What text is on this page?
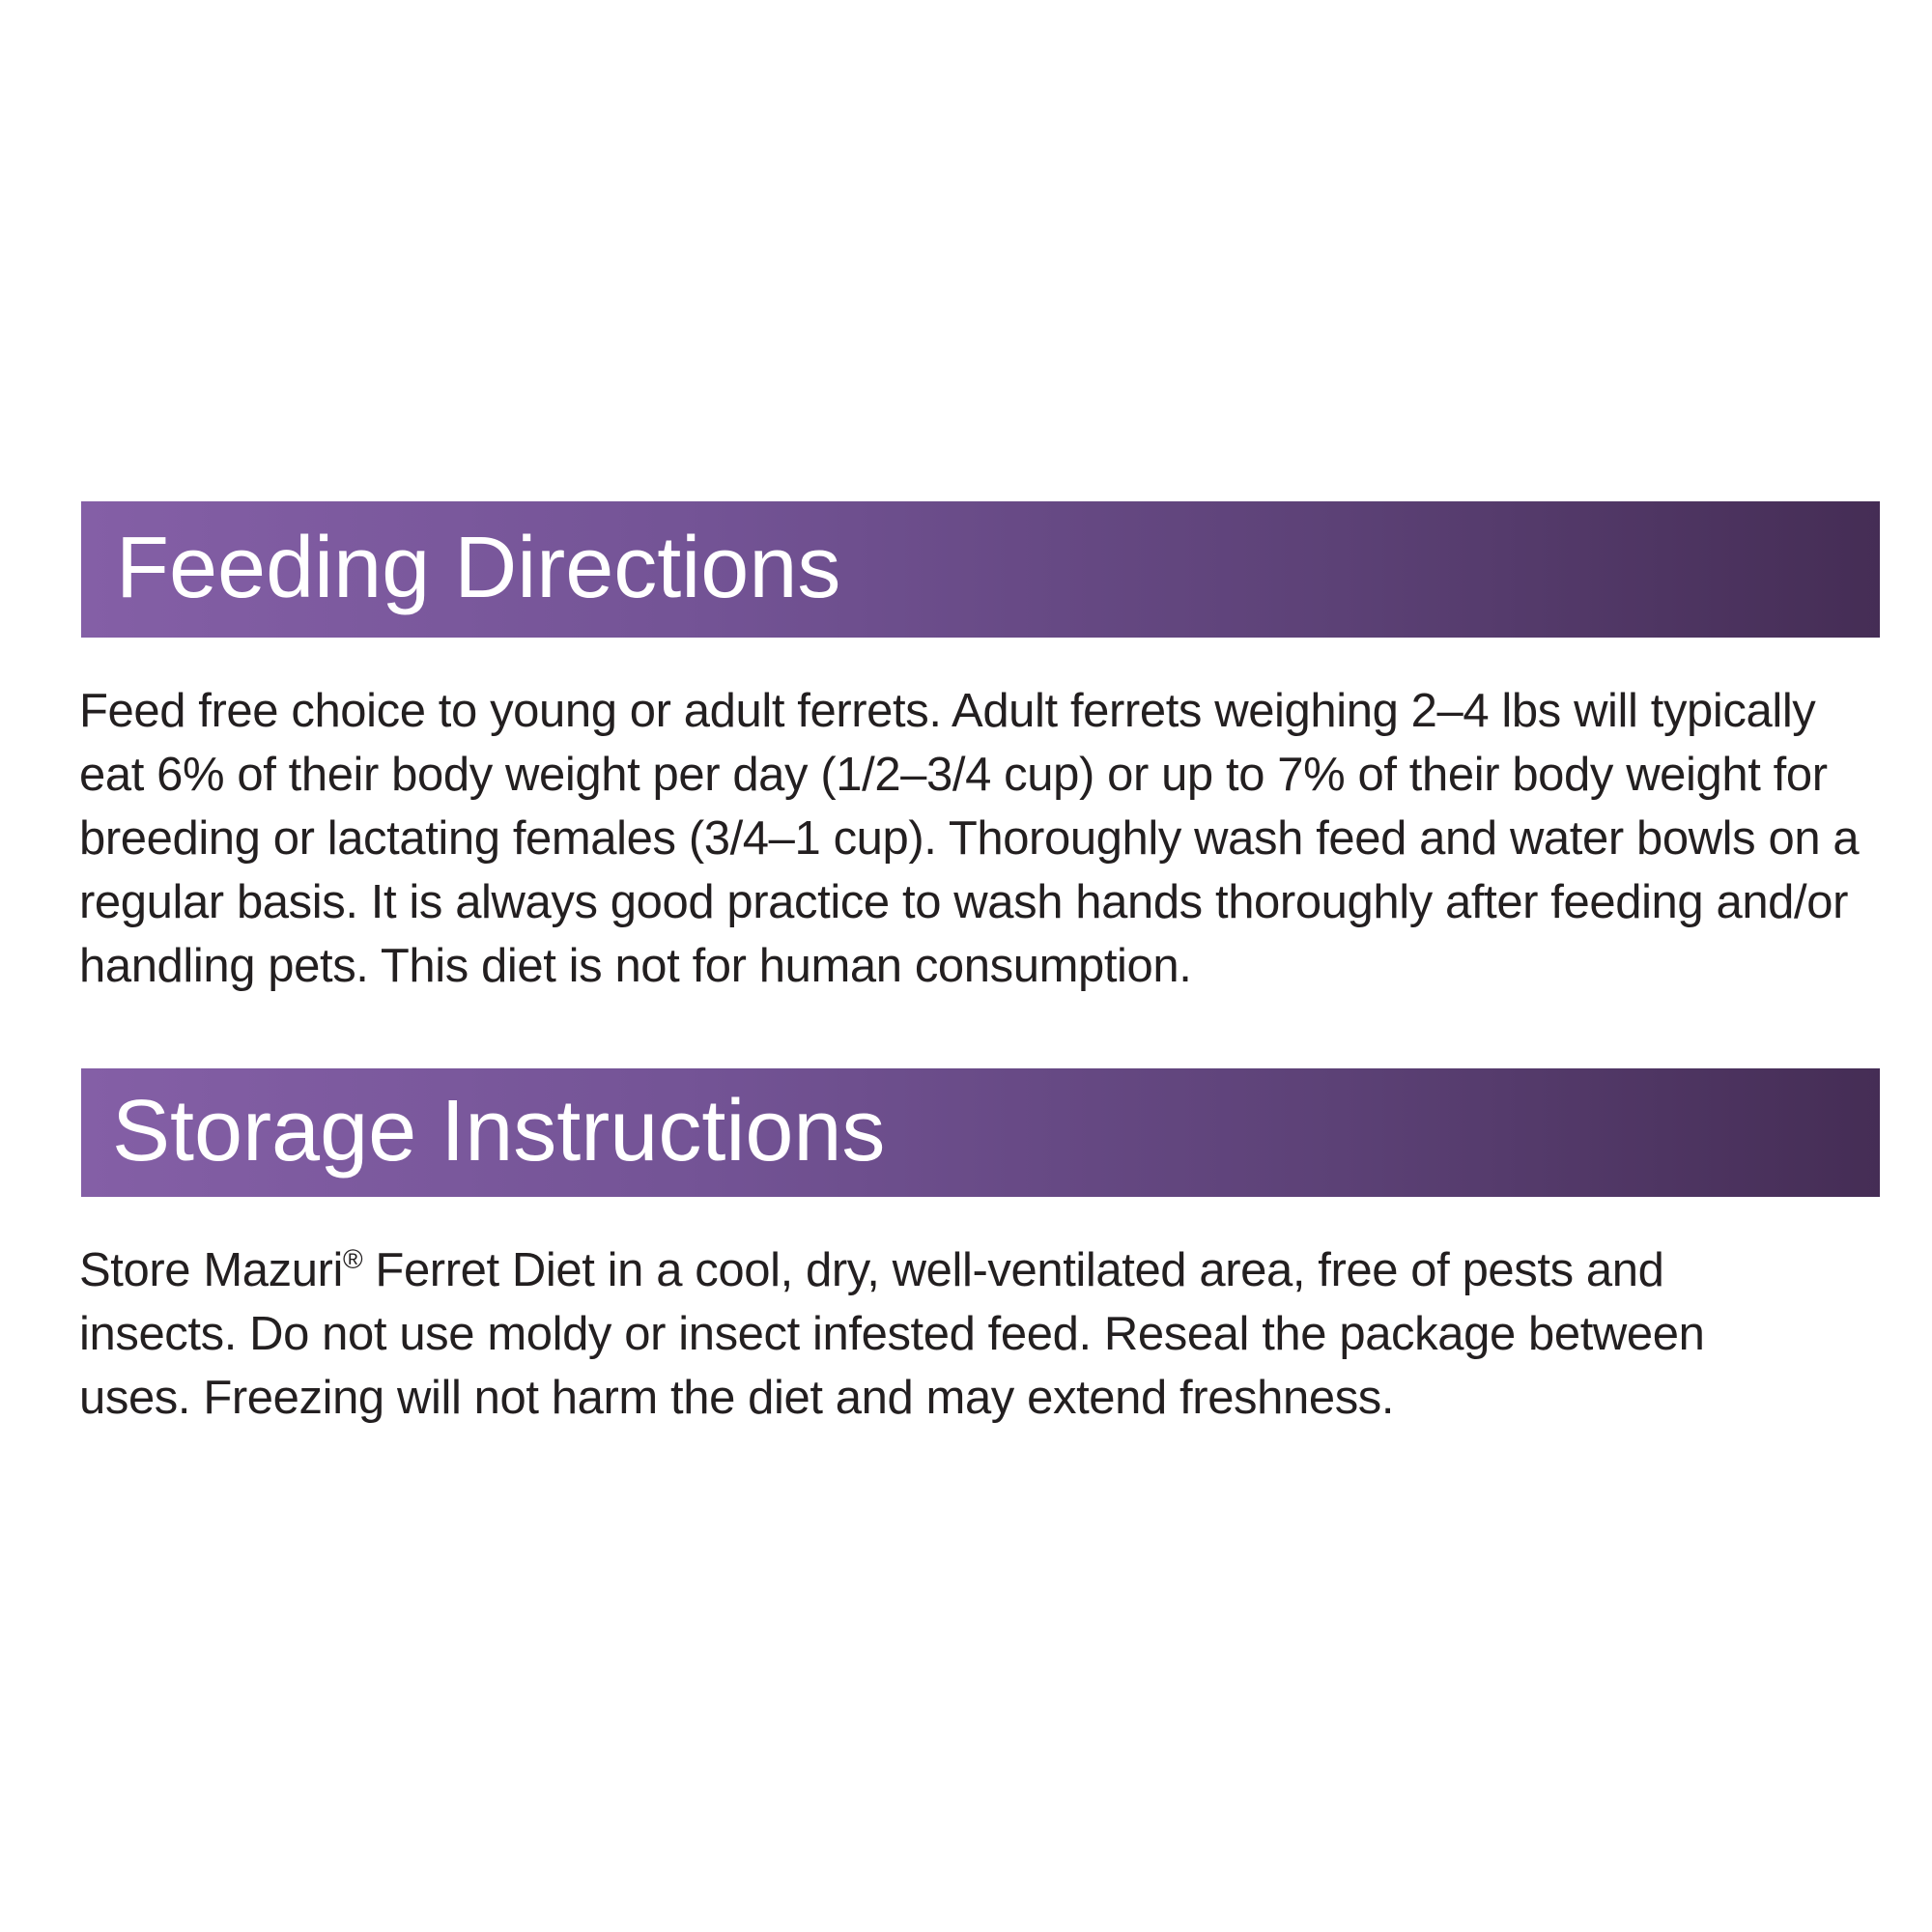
Feeding Directions

Feed free choice to young or adult ferrets. Adult ferrets weighing 2–4 lbs will typically eat 6% of their body weight per day (1/2–3/4 cup) or up to 7% of their body weight for breeding or lactating females (3/4–1 cup). Thoroughly wash feed and water bowls on a regular basis. It is always good practice to wash hands thoroughly after feeding and/or handling pets. This diet is not for human consumption.

Storage Instructions

Store Mazuri® Ferret Diet in a cool, dry, well-ventilated area, free of pests and insects. Do not use moldy or insect infested feed. Reseal the package between uses. Freezing will not harm the diet and may extend freshness.
